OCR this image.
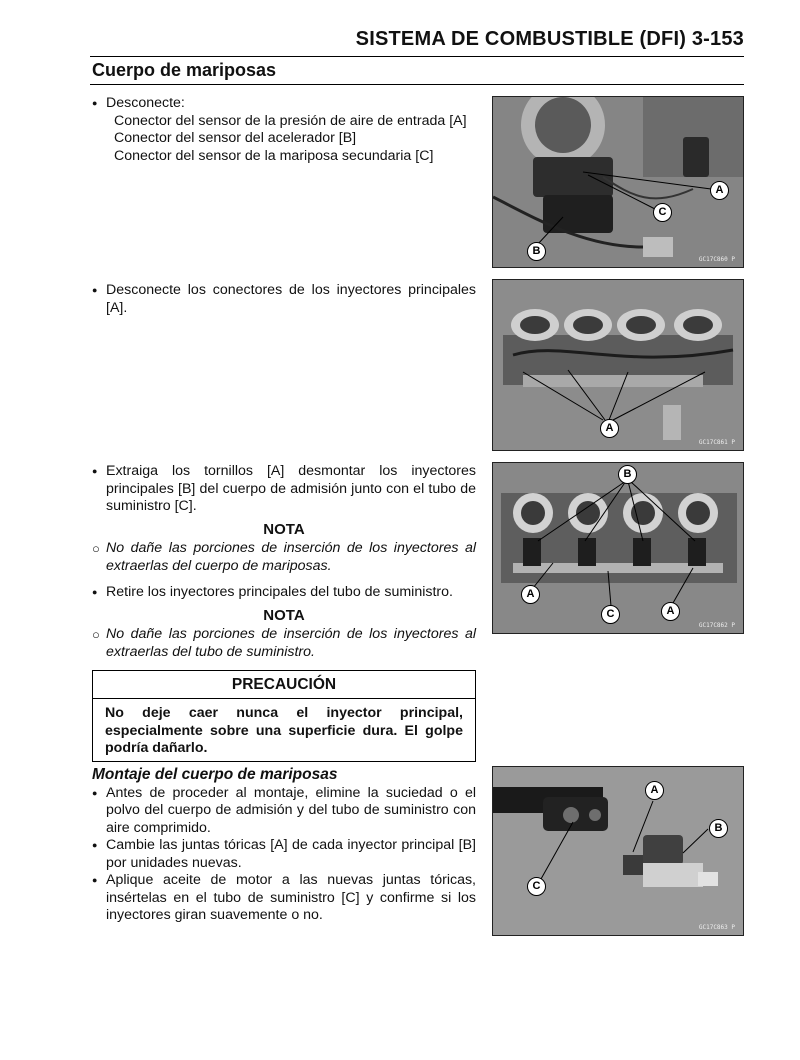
SISTEMA DE COMBUSTIBLE (DFI) 3-153
Cuerpo de mariposas

● Desconecte:

Conector del sensor de la presión de aire de entrada [A]

Conector del sensor del acelerador [B]

Conector del sensor de la mariposa secundaria [C]

● Desconecte los conectores de los inyectores principales [A].

● Extraiga los tornillos [A] desmontar los inyectores principales [B] del cuerpo de admisión junto con el tubo de suministro [C].

NOTA

○ No dañe las porciones de inserción de los inyectores al extraerlas del cuerpo de mariposas.

● Retire los inyectores principales del tubo de suministro.

NOTA

○ No dañe las porciones de inserción de los inyectores al extraerlas del tubo de suministro.

PRECAUCIÓN
No deje caer nunca el inyector principal, especialmente sobre una superficie dura. El golpe podría dañarlo.

Montaje del cuerpo de mariposas

● Antes de proceder al montaje, elimine la suciedad o el polvo del cuerpo de admisión y del tubo de suministro con aire comprimido.

● Cambie las juntas tóricas [A] de cada inyector principal [B] por unidades nuevas.

● Aplique aceite de motor a las nuevas juntas tóricas, insértelas en el tubo de suministro [C] y confirme si los inyectores giran suavemente o no.

A
C
B
GC17C860 P
A
GC17C861 P
B
A
C	A
GC17C862 P
A
B
C
GC17C863 P
